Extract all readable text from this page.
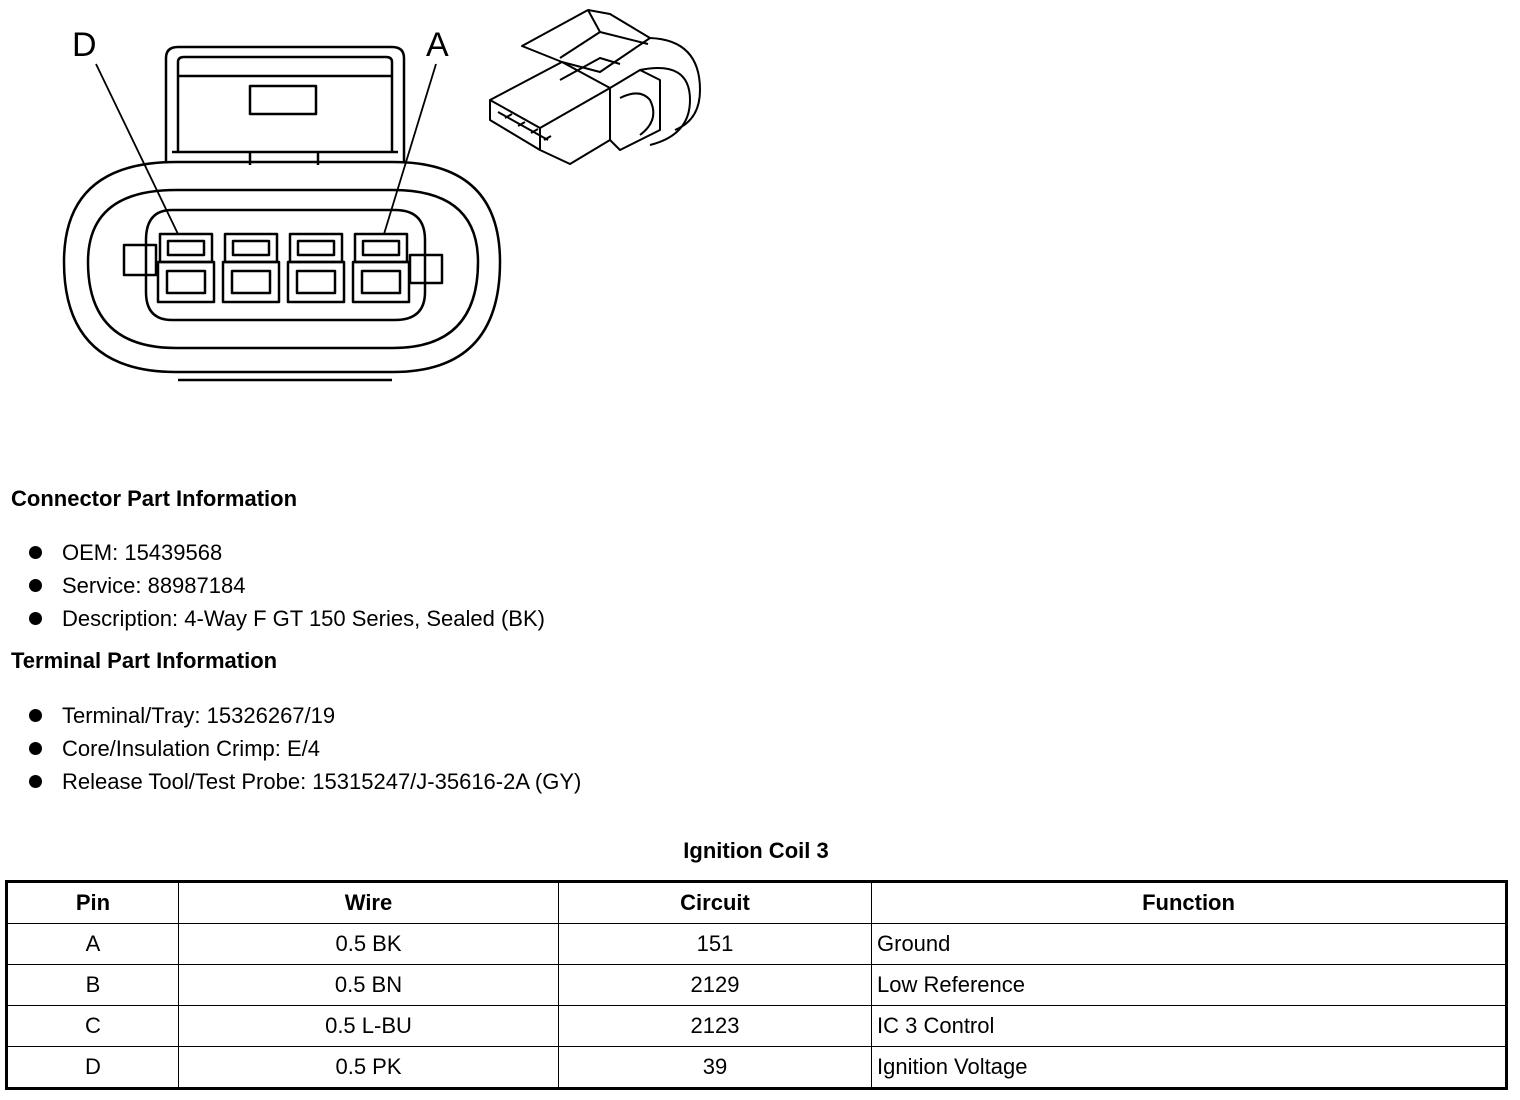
D	A
Connector Part Information
OEM: 15439568
Service: 88987184
Description: 4-Way F GT 150 Series, Sealed (BK)
Terminal Part Information
Terminal/Tray: 15326267/19
Core/Insulation Crimp: E/4
Release Tool/Test Probe: 15315247/J-35616-2A (GY)
Ignition Coil 3
Pin	Wire	Circuit	Function
A	0.5 BK	151	Ground
B	0.5 BN	2129	Low Reference
C	0.5 L-BU	2123	IC 3 Control
D	0.5 PK	39	Ignition Voltage
